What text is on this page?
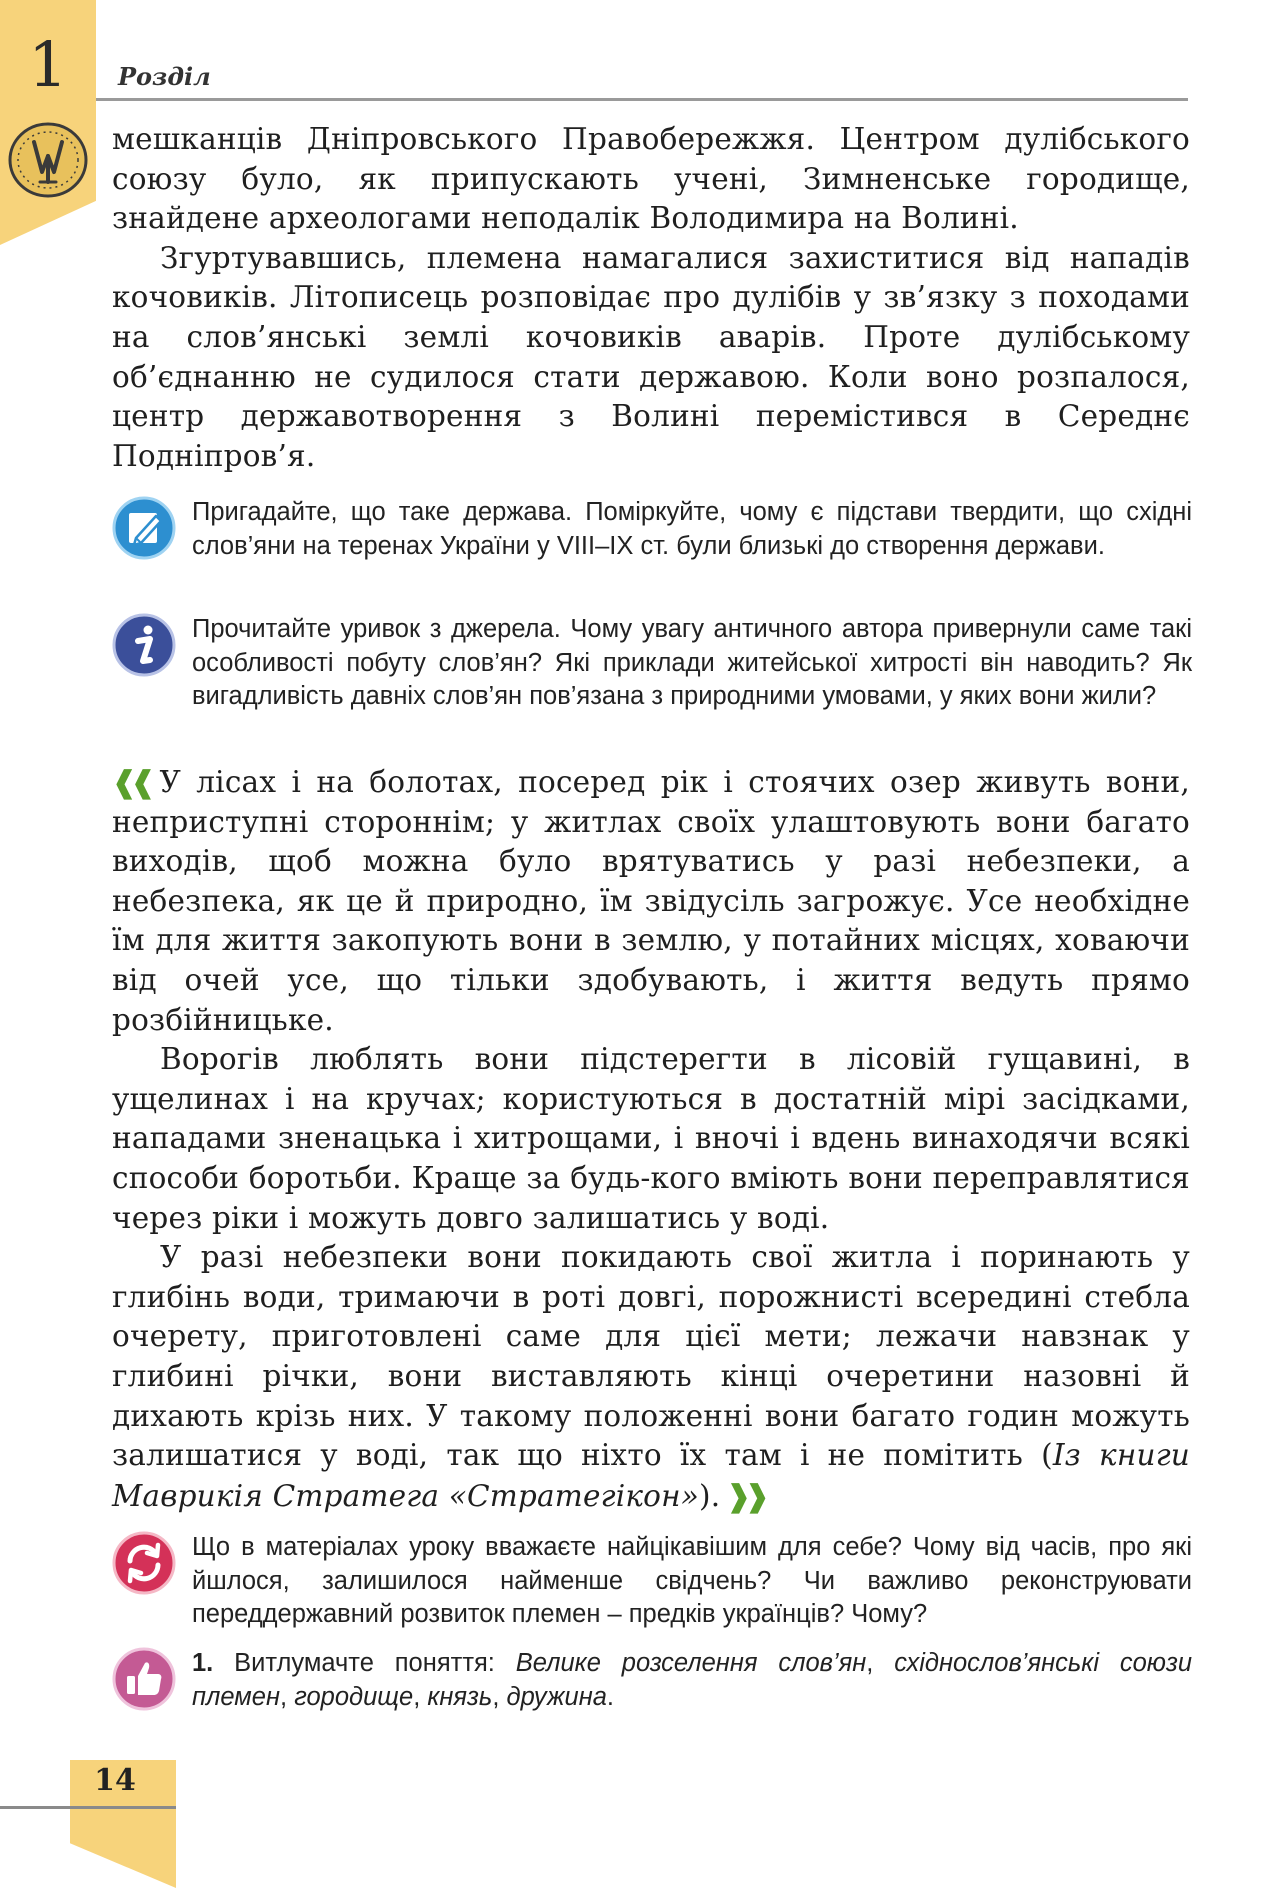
1	Розділ

мешканців Дніпровського Правобережжя. Центром дулібського союзу було, як припускають учені, Зимненське городище, знайдене археологами неподалік Володимира на Волині.

Згуртувавшись, племена намагалися захиститися від нападів кочовиків. Літописець розповідає про дулібів у зв’язку з походами на слов’янські землі кочовиків аварів. Проте дулібському об’єднанню не судилося стати державою. Коли воно розпалося, центр державотворення з Волині перемістився в Середнє Подніпров’я.

Пригадайте, що таке держава. Поміркуйте, чому є підстави твердити, що східні слов’яни на теренах України у VIII–IX ст. були близькі до створення держави.
Прочитайте уривок з джерела. Чому увагу античного автора привернули саме такі особливості побуту слов’ян? Які приклади житейської хитрості він наводить? Як вигадливість давніх слов’ян пов’язана з природними умовами, у яких вони жили?

❰❰ У лісах і на болотах, посеред рік і стоячих озер живуть вони, неприступні стороннім; у житлах своїх улаштовують вони багато виходів, щоб можна було врятуватись у разі небезпеки, а небезпека, як це й природно, їм звідусіль загрожує. Усе необхідне їм для життя закопують вони в землю, у потайних місцях, ховаючи від очей усе, що тільки здобувають, і життя ведуть прямо розбійницьке.

Ворогів люблять вони підстерегти в лісовій гущавині, в ущелинах і на кручах; користуються в достатній мірі засідками, нападами зненацька і хитрощами, і вночі і вдень винаходячи всякі способи боротьби. Краще за будь-кого вміють вони переправлятися через ріки і можуть довго залишатись у воді.

У разі небезпеки вони покидають свої житла і поринають у глибінь води, тримаючи в роті довгі, порожнисті всередині стебла очерету, приготовлені саме для цієї мети; лежачи навзнак у глибині річки, вони виставляють кінці очеретини назовні й дихають крізь них. У такому положенні вони багато годин можуть залишатися у воді, так що ніхто їх там і не помітить (Із книги Маврикія Стратега «Стратегікон»). ❱❱

Що в матеріалах уроку вважаєте найцікавішим для себе? Чому від часів, про які йшлося, залишилося найменше свідчень? Чи важливо реконструювати переддержавний розвиток племен – предків українців? Чому?
1. Витлумачте поняття: Велике розселення слов’ян, східнослов’янські союзи племен, городище, князь, дружина.
14
